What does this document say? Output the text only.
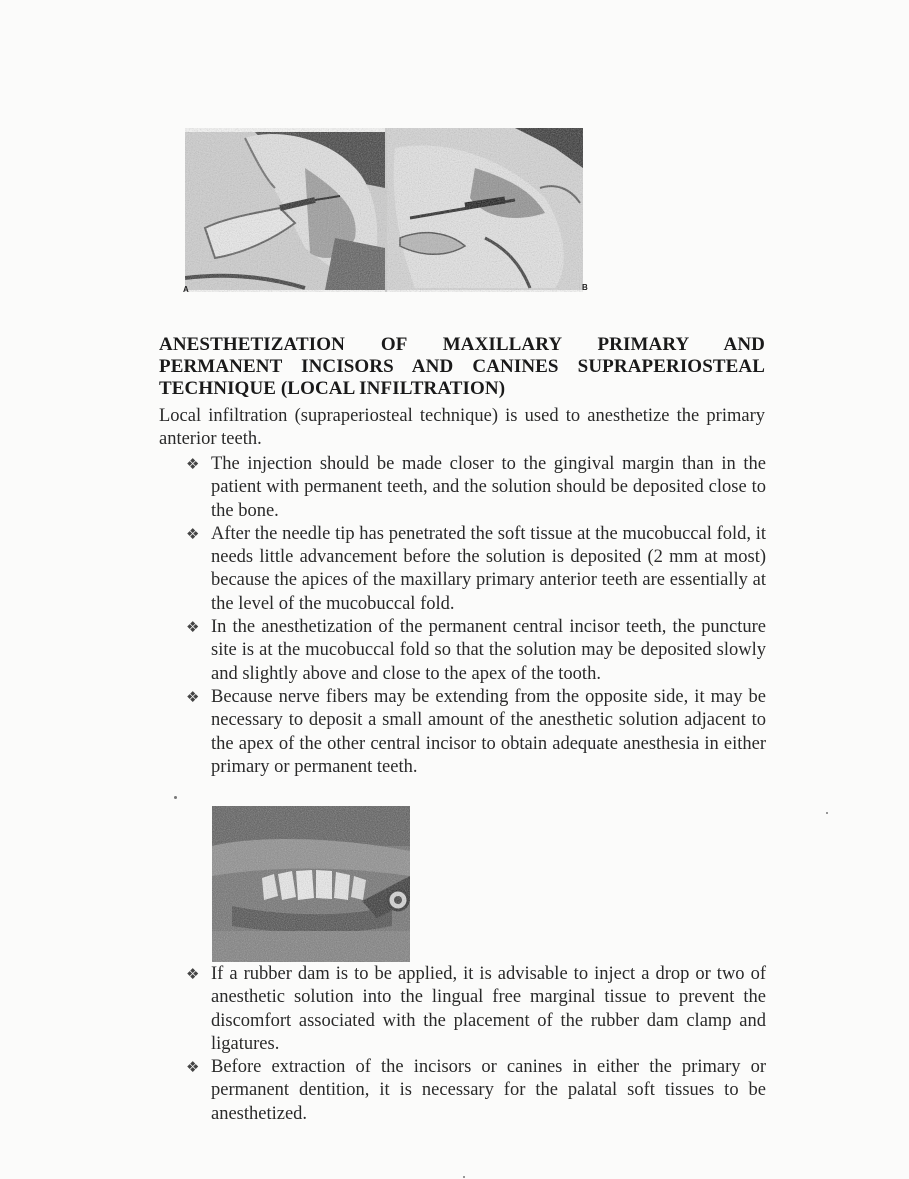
A	B
ANESTHETIZATION OF MAXILLARY PRIMARY AND PERMANENT INCISORS AND CANINES SUPRAPERIOSTEAL TECHNIQUE (LOCAL INFILTRATION)
Local infiltration (supraperiosteal technique) is used to anesthetize the primary anterior teeth.
❖ The injection should be made closer to the gingival margin than in the patient with permanent teeth, and the solution should be deposited close to the bone.
❖ After the needle tip has penetrated the soft tissue at the mucobuccal fold, it needs little advancement before the solution is deposited (2 mm at most) because the apices of the maxillary primary anterior teeth are essentially at the level of the mucobuccal fold.
❖ In the anesthetization of the permanent central incisor teeth, the puncture site is at the mucobuccal fold so that the solution may be deposited slowly and slightly above and close to the apex of the tooth.
❖ Because nerve fibers may be extending from the opposite side, it may be necessary to deposit a small amount of the anesthetic solution adjacent to the apex of the other central incisor to obtain adequate anesthesia in either primary or permanent teeth.
❖ If a rubber dam is to be applied, it is advisable to inject a drop or two of anesthetic solution into the lingual free marginal tissue to prevent the discomfort associated with the placement of the rubber dam clamp and ligatures.
❖ Before extraction of the incisors or canines in either the primary or permanent dentition, it is necessary for the palatal soft tissues to be anesthetized.
